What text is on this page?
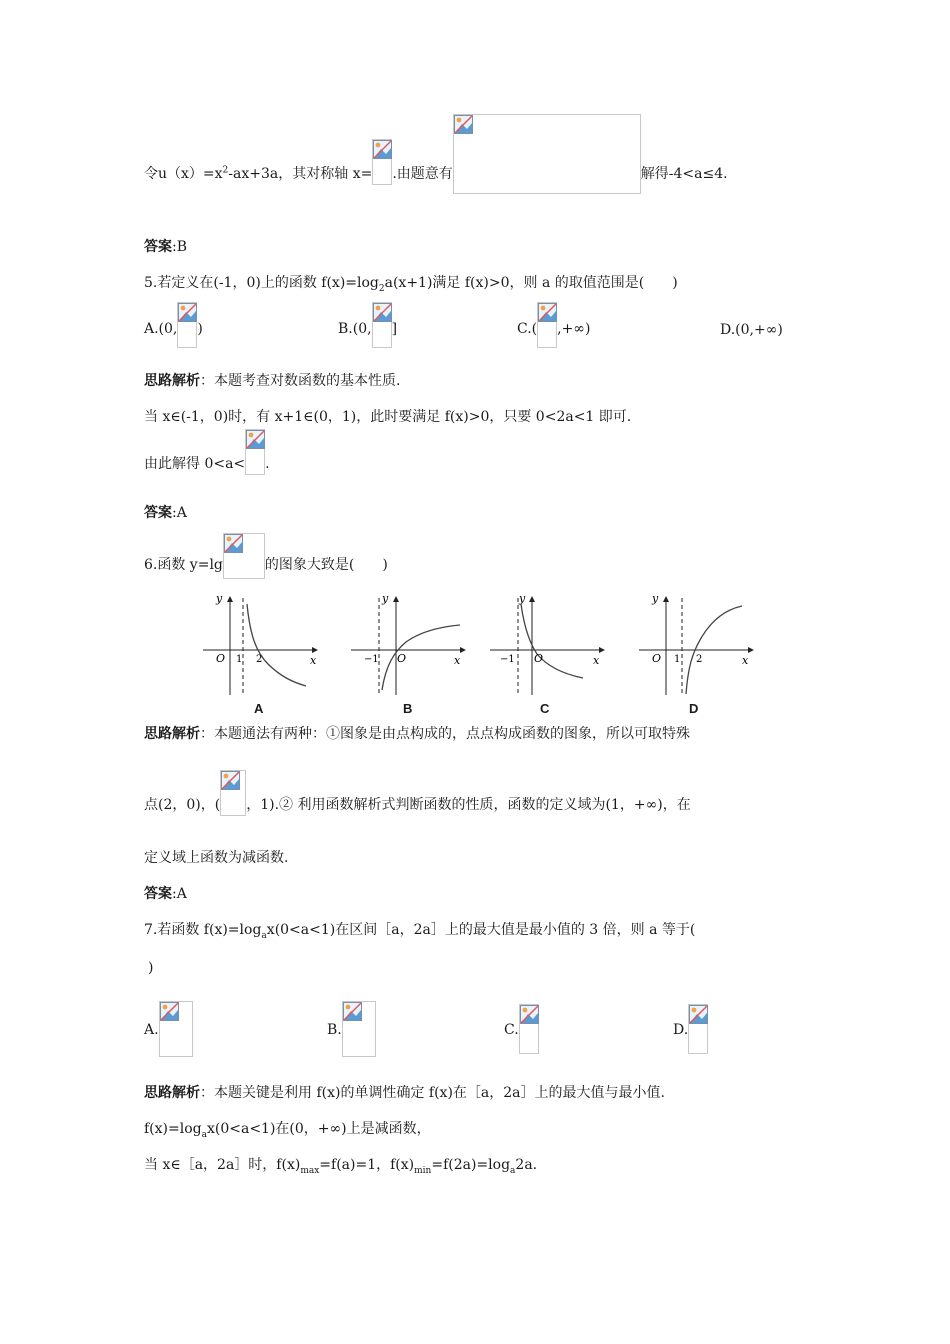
令$u(x)=x^2-ax+3a$，其对称轴 x= .由题意有	解得-4<a≤4.
答案:B
5.若定义在(-1，0)上的函数 $f(x)=\log_2a(x+1)$满足 f(x)>0，则 a 的取值范围是(　　)
A.(0, )	B.(0, ]	C.( ,+∞)	D.(0,+∞)
思路解析：本题考查对数函数的基本性质.
当 x∈(-1，0)时，有 x+1∈(0，1)，此时要满足 f(x)>0，只要 0<2a<1 即可.
由此解得 0<a< .
答案:A
6.函数 y=lg	的图象大致是(　　)
y
x
O 1 2
A
y
x
O
−1
B
y
x
O
−1
C
y
x
O 1 2
D
思路解析：本题通法有两种：①图象是由点构成的，点点构成函数的图象，所以可取特殊
点(2，0)，( ，1).② 利用函数解析式判断函数的性质，函数的定义域为(1，+∞)，在
定义域上函数为减函数.
答案:A
7.若函数 $f(x)=\log_ax(0<a<1)$在区间［a，2a］上的最大值是最小值的 3 倍，则 a 等于(
)
A.	B.	C.	D.
思路解析：本题关键是利用 f(x)的单调性确定 f(x)在［a，2a］上的最大值与最小值.
$f(x)=\log_ax(0<a<1)$在(0，+∞)上是减函数，
当 x∈［a，2a］时，$f(x)_{max}=f(a)=1$，$f(x)_{min}=f(2a)=\log_a2a$.
